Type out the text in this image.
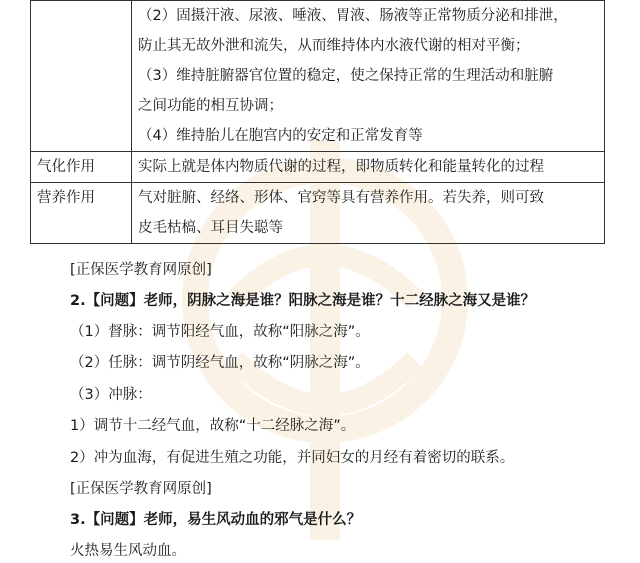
	（2）固摄汗液、尿液、唾液、胃液、肠液等正常物质分泌和排泄，
防止其无故外泄和流失，从而维持体内水液代谢的相对平衡；
（3）维持脏腑器官位置的稳定，使之保持正常的生理活动和脏腑
之间功能的相互协调；
（4）维持胎儿在胞宫内的安定和正常发育等

气化作用	实际上就是体内物质代谢的过程，即物质转化和能量转化的过程

营养作用	气对脏腑、经络、形体、官窍等具有营养作用。若失养，则可致
皮毛枯槁、耳目失聪等
[正保医学教育网原创]
2.【问题】老师，阴脉之海是谁？阳脉之海是谁？十二经脉之海又是谁？
（1）督脉：调节阳经气血，故称“阳脉之海”。
（2）任脉：调节阴经气血，故称“阴脉之海”。
（3）冲脉：
1）调节十二经气血，故称“十二经脉之海”。
2）冲为血海，有促进生殖之功能，并同妇女的月经有着密切的联系。
[正保医学教育网原创]
3.【问题】老师，易生风动血的邪气是什么？
火热易生风动血。
